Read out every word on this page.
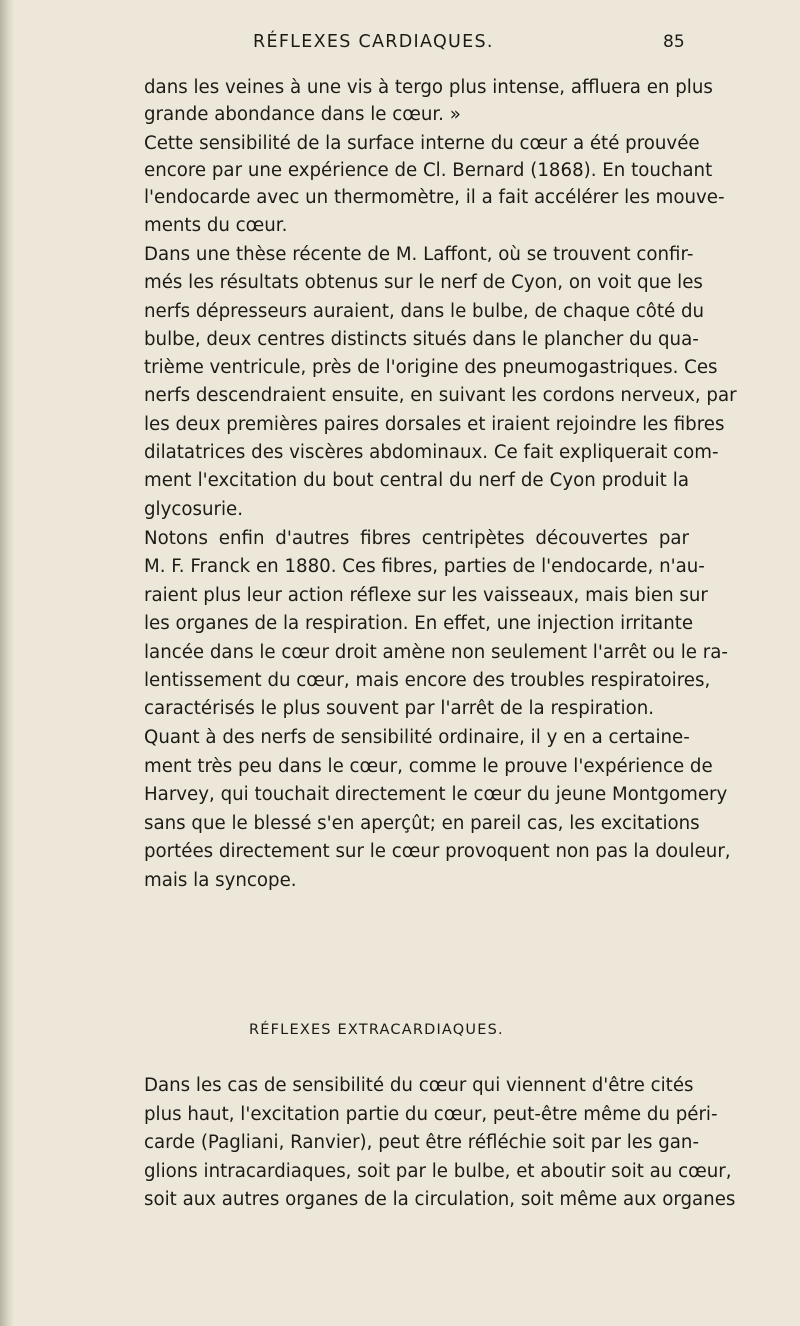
RÉFLEXES CARDIAQUES.	85
dans les veines à une vis à tergo plus intense, affluera en plus
grande abondance dans le cœur. »
Cette sensibilité de la surface interne du cœur a été prouvée
encore par une expérience de Cl. Bernard (1868). En touchant
l'endocarde avec un thermomètre, il a fait accélérer les mouve-
ments du cœur.
Dans une thèse récente de M. Laffont, où se trouvent confir-
més les résultats obtenus sur le nerf de Cyon, on voit que les
nerfs dépresseurs auraient, dans le bulbe, de chaque côté du
bulbe, deux centres distincts situés dans le plancher du qua-
trième ventricule, près de l'origine des pneumogastriques. Ces
nerfs descendraient ensuite, en suivant les cordons nerveux, par
les deux premières paires dorsales et iraient rejoindre les fibres
dilatatrices des viscères abdominaux. Ce fait expliquerait com-
ment l'excitation du bout central du nerf de Cyon produit la
glycosurie.
Notons enfin d'autres fibres centripètes découvertes par
M. F. Franck en 1880. Ces fibres, parties de l'endocarde, n'au-
raient plus leur action réflexe sur les vaisseaux, mais bien sur
les organes de la respiration. En effet, une injection irritante
lancée dans le cœur droit amène non seulement l'arrêt ou le ra-
lentissement du cœur, mais encore des troubles respiratoires,
caractérisés le plus souvent par l'arrêt de la respiration.
Quant à des nerfs de sensibilité ordinaire, il y en a certaine-
ment très peu dans le cœur, comme le prouve l'expérience de
Harvey, qui touchait directement le cœur du jeune Montgomery
sans que le blessé s'en aperçût; en pareil cas, les excitations
portées directement sur le cœur provoquent non pas la douleur,
mais la syncope.
RÉFLEXES EXTRACARDIAQUES.
Dans les cas de sensibilité du cœur qui viennent d'être cités
plus haut, l'excitation partie du cœur, peut-être même du péri-
carde (Pagliani, Ranvier), peut être réfléchie soit par les gan-
glions intracardiaques, soit par le bulbe, et aboutir soit au cœur,
soit aux autres organes de la circulation, soit même aux organes
